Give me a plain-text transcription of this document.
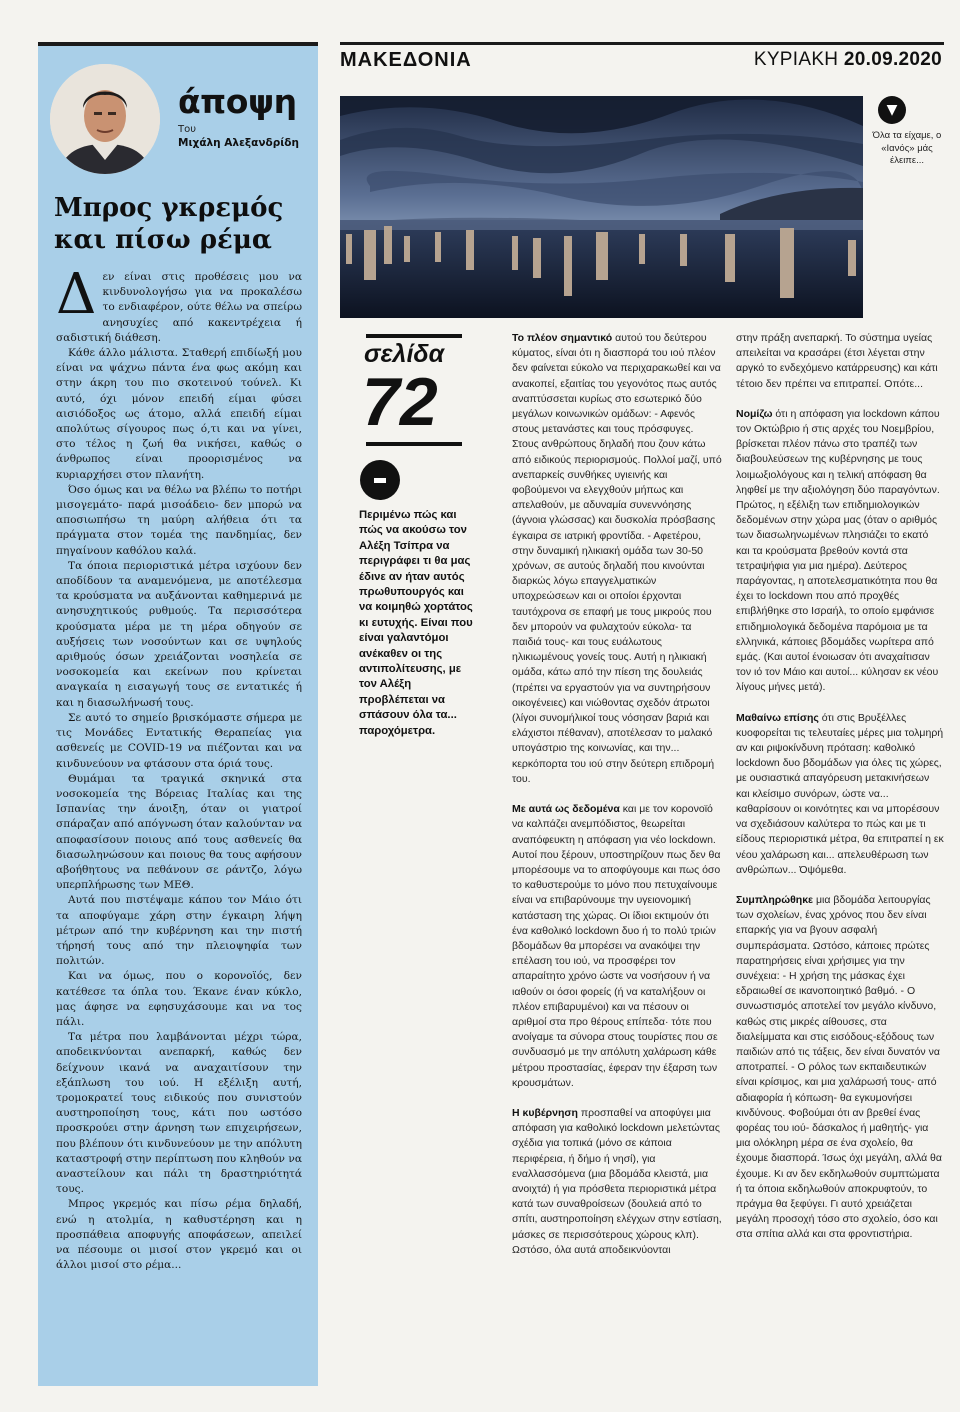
άποψη
Του
Μιχάλη Αλεξανδρίδη
Μπρος γκρεμός
και πίσω ρέμα

Δεν είναι στις προθέσεις μου να κινδυνολογήσω για να προκαλέσω το ενδιαφέρον, ούτε θέλω να σπείρω ανησυχίες από κακεντρέχεια ή σαδιστική διάθεση.

Κάθε άλλο μάλιστα. Σταθερή επιδίωξή μου είναι να ψάχνω πάντα ένα φως ακόμη και στην άκρη του πιο σκοτεινού τούνελ. Κι αυτό, όχι μόνον επειδή είμαι φύσει αισιόδοξος ως άτομο, αλλά επειδή είμαι απολύτως σίγουρος πως ό,τι και να γίνει, στο τέλος η ζωή θα νικήσει, καθώς ο άνθρωπος είναι προορισμένος να κυριαρχήσει στον πλανήτη.

Όσο όμως και να θέλω να βλέπω το ποτήρι μισογεμάτο- παρά μισοάδειο- δεν μπορώ να αποσιωπήσω τη μαύρη αλήθεια ότι τα πράγματα στον τομέα της πανδημίας, δεν πηγαίνουν καθόλου καλά.

Τα όποια περιοριστικά μέτρα ισχύουν δεν αποδίδουν τα αναμενόμενα, με αποτέλεσμα τα κρούσματα να αυξάνονται καθημερινά με ανησυχητικούς ρυθμούς. Τα περισσότερα κρούσματα μέρα με τη μέρα οδηγούν σε αυξήσεις των νοσούντων και σε υψηλούς αριθμούς όσων χρειάζονται νοσηλεία σε νοσοκομεία και εκείνων που κρίνεται αναγκαία η εισαγωγή τους σε εντατικές ή και η διασωλήνωσή τους.

Σε αυτό το σημείο βρισκόμαστε σήμερα με τις Μονάδες Εντατικής Θεραπείας για ασθενείς με COVID-19 να πιέζονται και να κινδυνεύουν να φτάσουν στα όριά τους.

Θυμάμαι τα τραγικά σκηνικά στα νοσοκομεία της Βόρειας Ιταλίας και της Ισπανίας την άνοιξη, όταν οι γιατροί σπάραζαν από απόγνωση όταν καλούνταν να αποφασίσουν ποιους από τους ασθενείς θα διασωληνώσουν και ποιους θα τους αφήσουν αβοήθητους να πεθάνουν σε ράντζο, λόγω υπερπλήρωσης των ΜΕΘ.

Αυτά που πιστέψαμε κάπου τον Μάιο ότι τα αποφύγαμε χάρη στην έγκαιρη λήψη μέτρων από την κυβέρνηση και την πιστή τήρησή τους από την πλειοψηφία των πολιτών.

Και να όμως, που ο κορονοϊός, δεν κατέθεσε τα όπλα του. Έκανε έναν κύκλο, μας άφησε να εφησυχάσουμε και να τος πάλι.

Τα μέτρα που λαμβάνονται μέχρι τώρα, αποδεικνύονται ανεπαρκή, καθώς δεν δείχνουν ικανά να αναχαιτίσουν την εξάπλωση του ιού. Η εξέλιξη αυτή, τρομοκρατεί τους ειδικούς που συνιστούν αυστηροποίηση τους, κάτι που ωστόσο προσκρούει στην άρνηση των επιχειρήσεων, που βλέπουν ότι κινδυνεύουν με την απόλυτη καταστροφή στην περίπτωση που κληθούν να αναστείλουν και πάλι τη δραστηριότητά τους.

Μπρος γκρεμός και πίσω ρέμα δηλαδή, ενώ η ατολμία, η καθυστέρηση και η προσπάθεια αποφυγής αποφάσεων, απειλεί να πέσουμε οι μισοί στον γκρεμό και οι άλλοι μισοί στο ρέμα...

ΜΑΚΕΔΟΝΙΑ	ΚΥΡΙΑΚΗ 20.09.2020
▼
Όλα τα είχαμε, ο «Ιανός» μάς έλειπε...
σελίδα
72
Περιμένω πώς και πώς να ακούσω τον Αλέξη Τσίπρα να περιγράφει τι θα μας έδινε αν ήταν αυτός πρωθυπουργός και να κοιμηθώ χορτάτος κι ευτυχής. Είναι που είναι γαλαντόμοι ανέκαθεν οι της αντιπολίτευσης, με τον Αλέξη προβλέπεται να σπάσουν όλα τα... παροχόμετρα.

Το πλέον σημαντικό αυτού του δεύτερου κύματος, είναι ότι η διασπορά του ιού πλέον δεν φαίνεται εύκολο να περιχαρακωθεί και να ανακοπεί, εξαιτίας του γεγονότος πως αυτός αναπτύσσεται κυρίως στο εσωτερικό δύο μεγάλων κοινωνικών ομάδων: - Αφενός στους μετανάστες και τους πρόσφυγες. Στους ανθρώπους δηλαδή που ζουν κάτω από ειδικούς περιορισμούς. Πολλοί μαζί, υπό ανεπαρκείς συνθήκες υγιεινής και φοβούμενοι να ελεγχθούν μήπως και απελαθούν, με αδυναμία συνεννόησης (άγνοια γλώσσας) και δυσκολία πρόσβασης έγκαιρα σε ιατρική φροντίδα. - Αφετέρου, στην δυναμική ηλικιακή ομάδα των 30-50 χρόνων, σε αυτούς δηλαδή που κινούνται διαρκώς λόγω επαγγελματικών υποχρεώσεων και οι οποίοι έρχονται ταυτόχρονα σε επαφή με τους μικρούς που δεν μπορούν να φυλαχτούν εύκολα- τα παιδιά τους- και τους ευάλωτους ηλικιωμένους γονείς τους. Αυτή η ηλικιακή ομάδα, κάτω από την πίεση της δουλειάς (πρέπει να εργαστούν για να συντηρήσουν οικογένειες) και νιώθοντας σχεδόν άτρωτοι (λίγοι συνομήλικοί τους νόσησαν βαριά και ελάχιστοι πέθαναν), αποτέλεσαν το μαλακό υπογάστριο της κοινωνίας, και την... κερκόπορτα του ιού στην δεύτερη επιδρομή του.

Με αυτά ως δεδομένα και με τον κορονοϊό να καλπάζει ανεμπόδιστος, θεωρείται αναπόφευκτη η απόφαση για νέο lockdown. Αυτοί που ξέρουν, υποστηρίζουν πως δεν θα μπορέσουμε να το αποφύγουμε και πως όσο το καθυστερούμε το μόνο που πετυχαίνουμε είναι να επιβαρύνουμε την υγειονομική κατάσταση της χώρας. Οι ίδιοι εκτιμούν ότι ένα καθολικό lockdown δυο ή το πολύ τριών βδομάδων θα μπορέσει να ανακόψει την επέλαση του ιού, να προσφέρει τον απαραίτητο χρόνο ώστε να νοσήσουν ή να ιαθούν οι όσοι φορείς (ή να καταλήξουν οι πλέον επιβαρυμένοι) και να πέσουν οι αριθμοί στα προ θέρους επίπεδα· τότε που ανοίγαμε τα σύνορα στους τουρίστες που σε συνδυασμό με την απόλυτη χαλάρωση κάθε μέτρου προστασίας, έφεραν την έξαρση των κρουσμάτων.

Η κυβέρνηση προσπαθεί να αποφύγει μια απόφαση για καθολικό lockdown μελετώντας σχέδια για τοπικά (μόνο σε κάποια περιφέρεια, ή δήμο ή νησί), για εναλλασσόμενα (μια βδομάδα κλειστά, μια ανοιχτά) ή για πρόσθετα περιοριστικά μέτρα κατά των συναθροίσεων (δουλειά από το σπίτι, αυστηροποίηση ελέγχων στην εστίαση, μάσκες σε περισσότερους χώρους κλπ). Ωστόσο, όλα αυτά αποδεικνύονται

στην πράξη ανεπαρκή. Το σύστημα υγείας απειλείται να κρασάρει (έτσι λέγεται στην αργκό το ενδεχόμενο κατάρρευσης) και κάτι τέτοιο δεν πρέπει να επιτραπεί. Οπότε...

Νομίζω ότι η απόφαση για lockdown κάπου τον Οκτώβριο ή στις αρχές του Νοεμβρίου, βρίσκεται πλέον πάνω στο τραπέζι των διαβουλεύσεων της κυβέρνησης με τους λοιμωξιολόγους και η τελική απόφαση θα ληφθεί με την αξιολόγηση δύο παραγόντων. Πρώτος, η εξέλιξη των επιδημιολογικών δεδομένων στην χώρα μας (όταν ο αριθμός των διασωληνωμένων πλησιάζει το εκατό και τα κρούσματα βρεθούν κοντά στα τετραψήφια για μια ημέρα). Δεύτερος παράγοντας, η αποτελεσματικότητα που θα έχει το lockdown που από προχθές επιβλήθηκε στο Ισραήλ, το οποίο εμφάνισε επιδημιολογικά δεδομένα παρόμοια με τα ελληνικά, κάποιες βδομάδες νωρίτερα από εμάς. (Και αυτοί ένοιωσαν ότι αναχαίτισαν τον ιό τον Μάιο και αυτοί... κύλησαν εκ νέου λίγους μήνες μετά).

Μαθαίνω επίσης ότι στις Βρυξέλλες κυοφορείται τις τελευταίες μέρες μια τολμηρή αν και ριψοκίνδυνη πρόταση: καθολικό lockdown δυο βδομάδων για όλες τις χώρες, με ουσιαστικά απαγόρευση μετακινήσεων και κλείσιμο συνόρων, ώστε να... καθαρίσουν οι κοινότητες και να μπορέσουν να σχεδιάσουν καλύτερα το πώς και με τι είδους περιοριστικά μέτρα, θα επιτραπεί η εκ νέου χαλάρωση και... απελευθέρωση των ανθρώπων... Όψόμεθα.

Συμπληρώθηκε μια βδομάδα λειτουργίας των σχολείων, ένας χρόνος που δεν είναι επαρκής για να βγουν ασφαλή συμπεράσματα. Ωστόσο, κάποιες πρώτες παρατηρήσεις είναι χρήσιμες για την συνέχεια: - Η χρήση της μάσκας έχει εδραιωθεί σε ικανοποιητικό βαθμό. - Ο συνωστισμός αποτελεί τον μεγάλο κίνδυνο, καθώς στις μικρές αίθουσες, στα διαλείμματα και στις εισόδους-εξόδους των παιδιών από τις τάξεις, δεν είναι δυνατόν να αποτραπεί. - Ο ρόλος των εκπαιδευτικών είναι κρίσιμος, και μια χαλάρωσή τους- από αδιαφορία ή κόπωση- θα εγκυμονήσει κινδύνους. Φοβούμαι ότι αν βρεθεί ένας φορέας του ιού- δάσκαλος ή μαθητής- για μια ολόκληρη μέρα σε ένα σχολείο, θα έχουμε διασπορά. Ίσως όχι μεγάλη, αλλά θα έχουμε. Κι αν δεν εκδηλωθούν συμπτώματα ή τα όποια εκδηλωθούν αποκρυφτούν, το πράγμα θα ξεφύγει. Γι αυτό χρειάζεται μεγάλη προσοχή τόσο στο σχολείο, όσο και στα σπίτια αλλά και στα φροντιστήρια.
